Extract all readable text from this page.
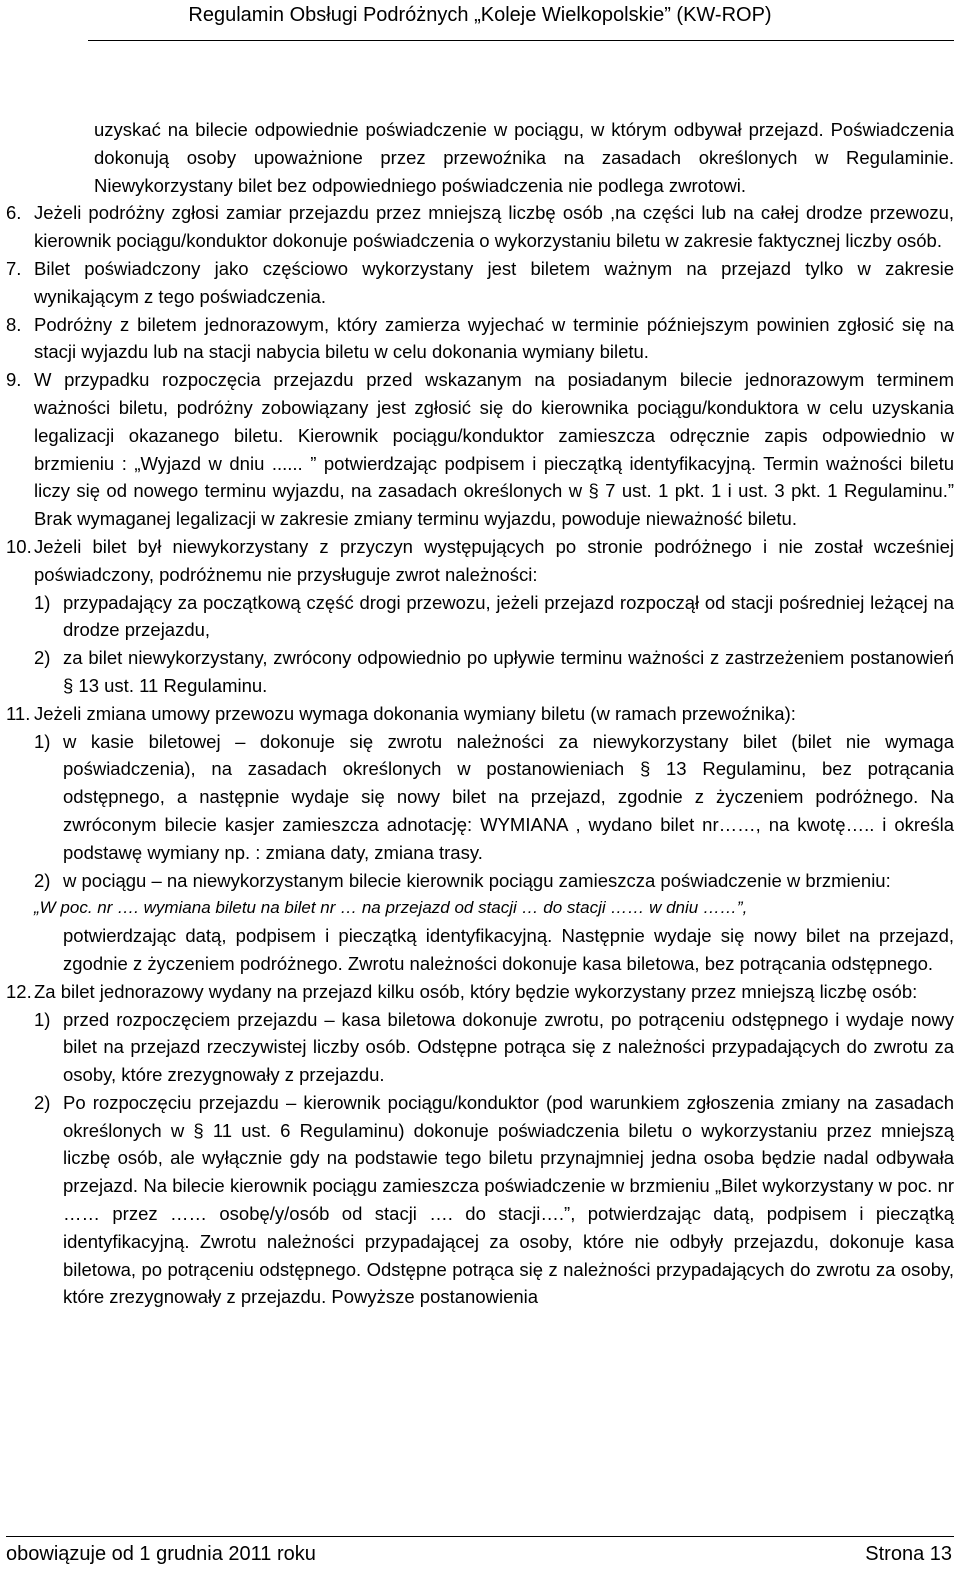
Regulamin Obsługi Podróżnych „Koleje Wielkopolskie” (KW-ROP)

uzyskać na bilecie odpowiednie poświadczenie w pociągu, w którym odbywał przejazd. Poświadczenia dokonują osoby upoważnione przez przewoźnika na zasadach określonych w Regulaminie. Niewykorzystany bilet bez odpowiedniego poświadczenia nie podlega zwrotowi.

6. Jeżeli podróżny zgłosi zamiar przejazdu przez mniejszą liczbę osób ,na części lub na całej drodze przewozu, kierownik pociągu/konduktor dokonuje poświadczenia o wykorzystaniu biletu w zakresie faktycznej liczby osób.

7. Bilet poświadczony jako częściowo wykorzystany jest biletem ważnym na przejazd tylko w zakresie wynikającym z tego poświadczenia.

8. Podróżny z biletem jednorazowym, który zamierza wyjechać w terminie późniejszym powinien zgłosić się na stacji wyjazdu lub na stacji nabycia biletu w celu dokonania wymiany biletu.

9. W przypadku rozpoczęcia przejazdu przed wskazanym na posiadanym bilecie jednorazowym terminem ważności biletu, podróżny zobowiązany jest zgłosić się do kierownika pociągu/konduktora w celu uzyskania legalizacji okazanego biletu. Kierownik pociągu/konduktor zamieszcza odręcznie zapis odpowiednio w brzmieniu : „Wyjazd w dniu ...... ” potwierdzając podpisem i pieczątką identyfikacyjną. Termin ważności biletu liczy się od nowego terminu wyjazdu, na zasadach określonych w § 7 ust. 1 pkt. 1 i ust. 3 pkt. 1 Regulaminu.” Brak wymaganej legalizacji w zakresie zmiany terminu wyjazdu, powoduje nieważność biletu.

10. Jeżeli bilet był niewykorzystany z przyczyn występujących po stronie podróżnego i nie został wcześniej poświadczony, podróżnemu nie przysługuje zwrot należności:

1) przypadający za początkową część drogi przewozu, jeżeli przejazd rozpoczął od stacji pośredniej leżącej na drodze przejazdu,

2) za bilet niewykorzystany, zwrócony odpowiednio po upływie terminu ważności z zastrzeżeniem postanowień § 13 ust. 11 Regulaminu.

11. Jeżeli zmiana umowy przewozu wymaga dokonania wymiany biletu (w ramach przewoźnika):

1) w kasie biletowej – dokonuje się zwrotu należności za niewykorzystany bilet (bilet nie wymaga poświadczenia), na zasadach określonych w postanowieniach § 13 Regulaminu, bez potrącania odstępnego, a następnie wydaje się nowy bilet na przejazd, zgodnie z życzeniem podróżnego. Na zwróconym bilecie kasjer zamieszcza adnotację: WYMIANA , wydano bilet nr……, na kwotę….. i określa podstawę wymiany np. : zmiana daty, zmiana trasy.

2) w pociągu – na niewykorzystanym bilecie kierownik pociągu zamieszcza poświadczenie w brzmieniu:

„W poc. nr …. wymiana biletu na bilet nr … na przejazd od stacji … do stacji …… w dniu ……”,

potwierdzając datą, podpisem i pieczątką identyfikacyjną. Następnie wydaje się nowy bilet na przejazd, zgodnie z życzeniem podróżnego. Zwrotu należności dokonuje kasa biletowa, bez potrącania odstępnego.

12. Za bilet jednorazowy wydany na przejazd kilku osób, który będzie wykorzystany przez mniejszą liczbę osób:

1) przed rozpoczęciem przejazdu – kasa biletowa dokonuje zwrotu, po potrąceniu odstępnego i wydaje nowy bilet na przejazd rzeczywistej liczby osób. Odstępne potrąca się z należności przypadających do zwrotu za osoby, które zrezygnowały z przejazdu.

2) Po rozpoczęciu przejazdu – kierownik pociągu/konduktor (pod warunkiem zgłoszenia zmiany na zasadach określonych w § 11 ust. 6 Regulaminu) dokonuje poświadczenia biletu o wykorzystaniu przez mniejszą liczbę osób, ale wyłącznie gdy na podstawie tego biletu przynajmniej jedna osoba będzie nadal odbywała przejazd. Na bilecie kierownik pociągu zamieszcza poświadczenie w brzmieniu „Bilet wykorzystany w poc. nr …… przez …… osobę/y/osób od stacji …. do stacji….”, potwierdzając datą, podpisem i pieczątką identyfikacyjną. Zwrotu należności przypadającej za osoby, które nie odbyły przejazdu, dokonuje kasa biletowa, po potrąceniu odstępnego. Odstępne potrąca się z należności przypadających do zwrotu za osoby, które zrezygnowały z przejazdu. Powyższe postanowienia

obowiązuje od 1 grudnia 2011 roku	Strona 13
